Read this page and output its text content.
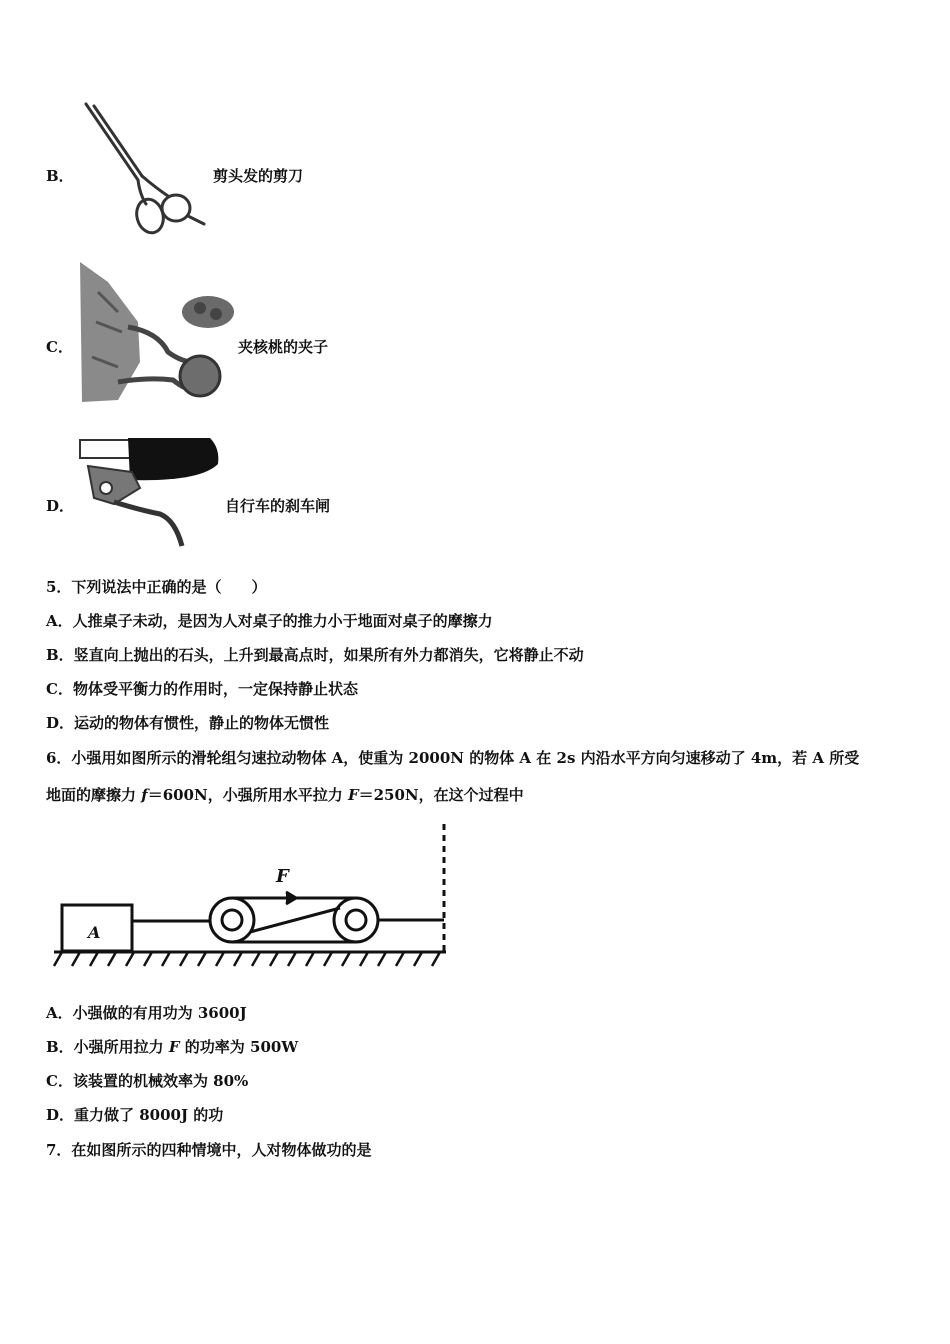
B．	剪头发的剪刀
C．	夹核桃的夹子
D．	自行车的刹车闸
5．下列说法中正确的是（　　）
A．人推桌子未动，是因为人对桌子的推力小于地面对桌子的摩擦力
B．竖直向上抛出的石头，上升到最高点时，如果所有外力都消失，它将静止不动
C．物体受平衡力的作用时，一定保持静止状态
D．运动的物体有惯性，静止的物体无惯性
6．小强用如图所示的滑轮组匀速拉动物体 A，使重为 2000N 的物体 A 在 2s 内沿水平方向匀速移动了 4m，若 A 所受
地面的摩擦力 f＝600N，小强所用水平拉力 F＝250N，在这个过程中
A
F
A．小强做的有用功为 3600J
B．小强所用拉力 F 的功率为 500W
C．该装置的机械效率为 80%
D．重力做了 8000J 的功
7．在如图所示的四种情境中，人对物体做功的是
